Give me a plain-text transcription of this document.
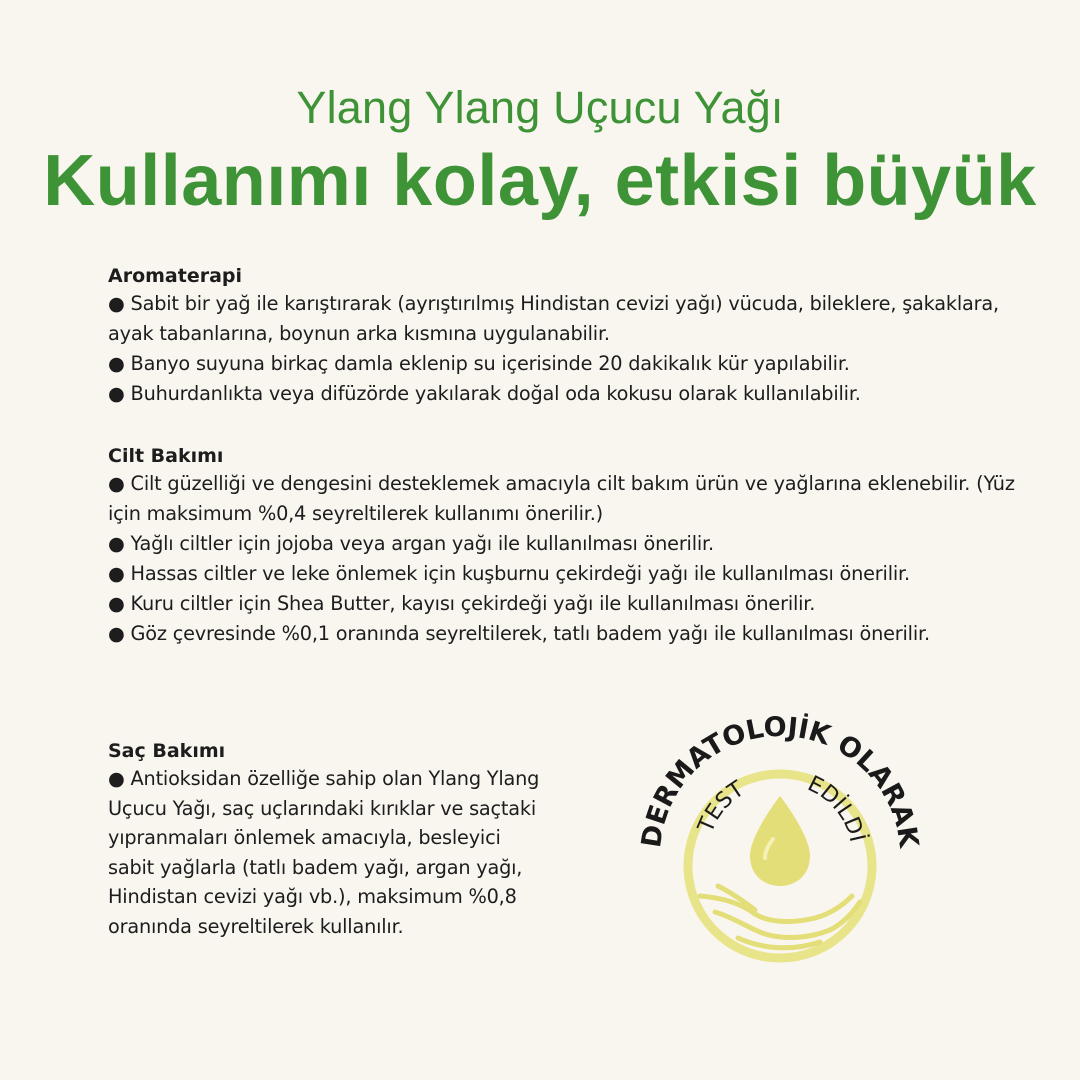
Ylang Ylang Uçucu Yağı
Kullanımı kolay, etkisi büyük
Aromaterapi

● Sabit bir yağ ile karıştırarak (ayrıştırılmış Hindistan cevizi yağı) vücuda, bileklere, şakaklara, ayak tabanlarına, boynun arka kısmına uygulanabilir.

● Banyo suyuna birkaç damla eklenip su içerisinde 20 dakikalık kür yapılabilir.

● Buhurdanlıkta veya difüzörde yakılarak doğal oda kokusu olarak kullanılabilir.

Cilt Bakımı

● Cilt güzelliği ve dengesini desteklemek amacıyla cilt bakım ürün ve yağlarına eklenebilir. (Yüz için maksimum %0,4 seyreltilerek kullanımı önerilir.)

● Yağlı ciltler için jojoba veya argan yağı ile kullanılması önerilir.

● Hassas ciltler ve leke önlemek için kuşburnu çekirdeği yağı ile kullanılması önerilir.

● Kuru ciltler için Shea Butter, kayısı çekirdeği yağı ile kullanılması önerilir.

● Göz çevresinde %0,1 oranında seyreltilerek, tatlı badem yağı ile kullanılması önerilir.

Saç Bakımı

● Antioksidan özelliğe sahip olan Ylang Ylang Uçucu Yağı, saç uçlarındaki kırıklar ve saçtaki yıpranmaları önlemek amacıyla, besleyici sabit yağlarla (tatlı badem yağı, argan yağı, Hindistan cevizi yağı vb.), maksimum %0,8 oranında seyreltilerek kullanılır.

DERMATOLOJİK OLARAK
TEST EDİLDİ
